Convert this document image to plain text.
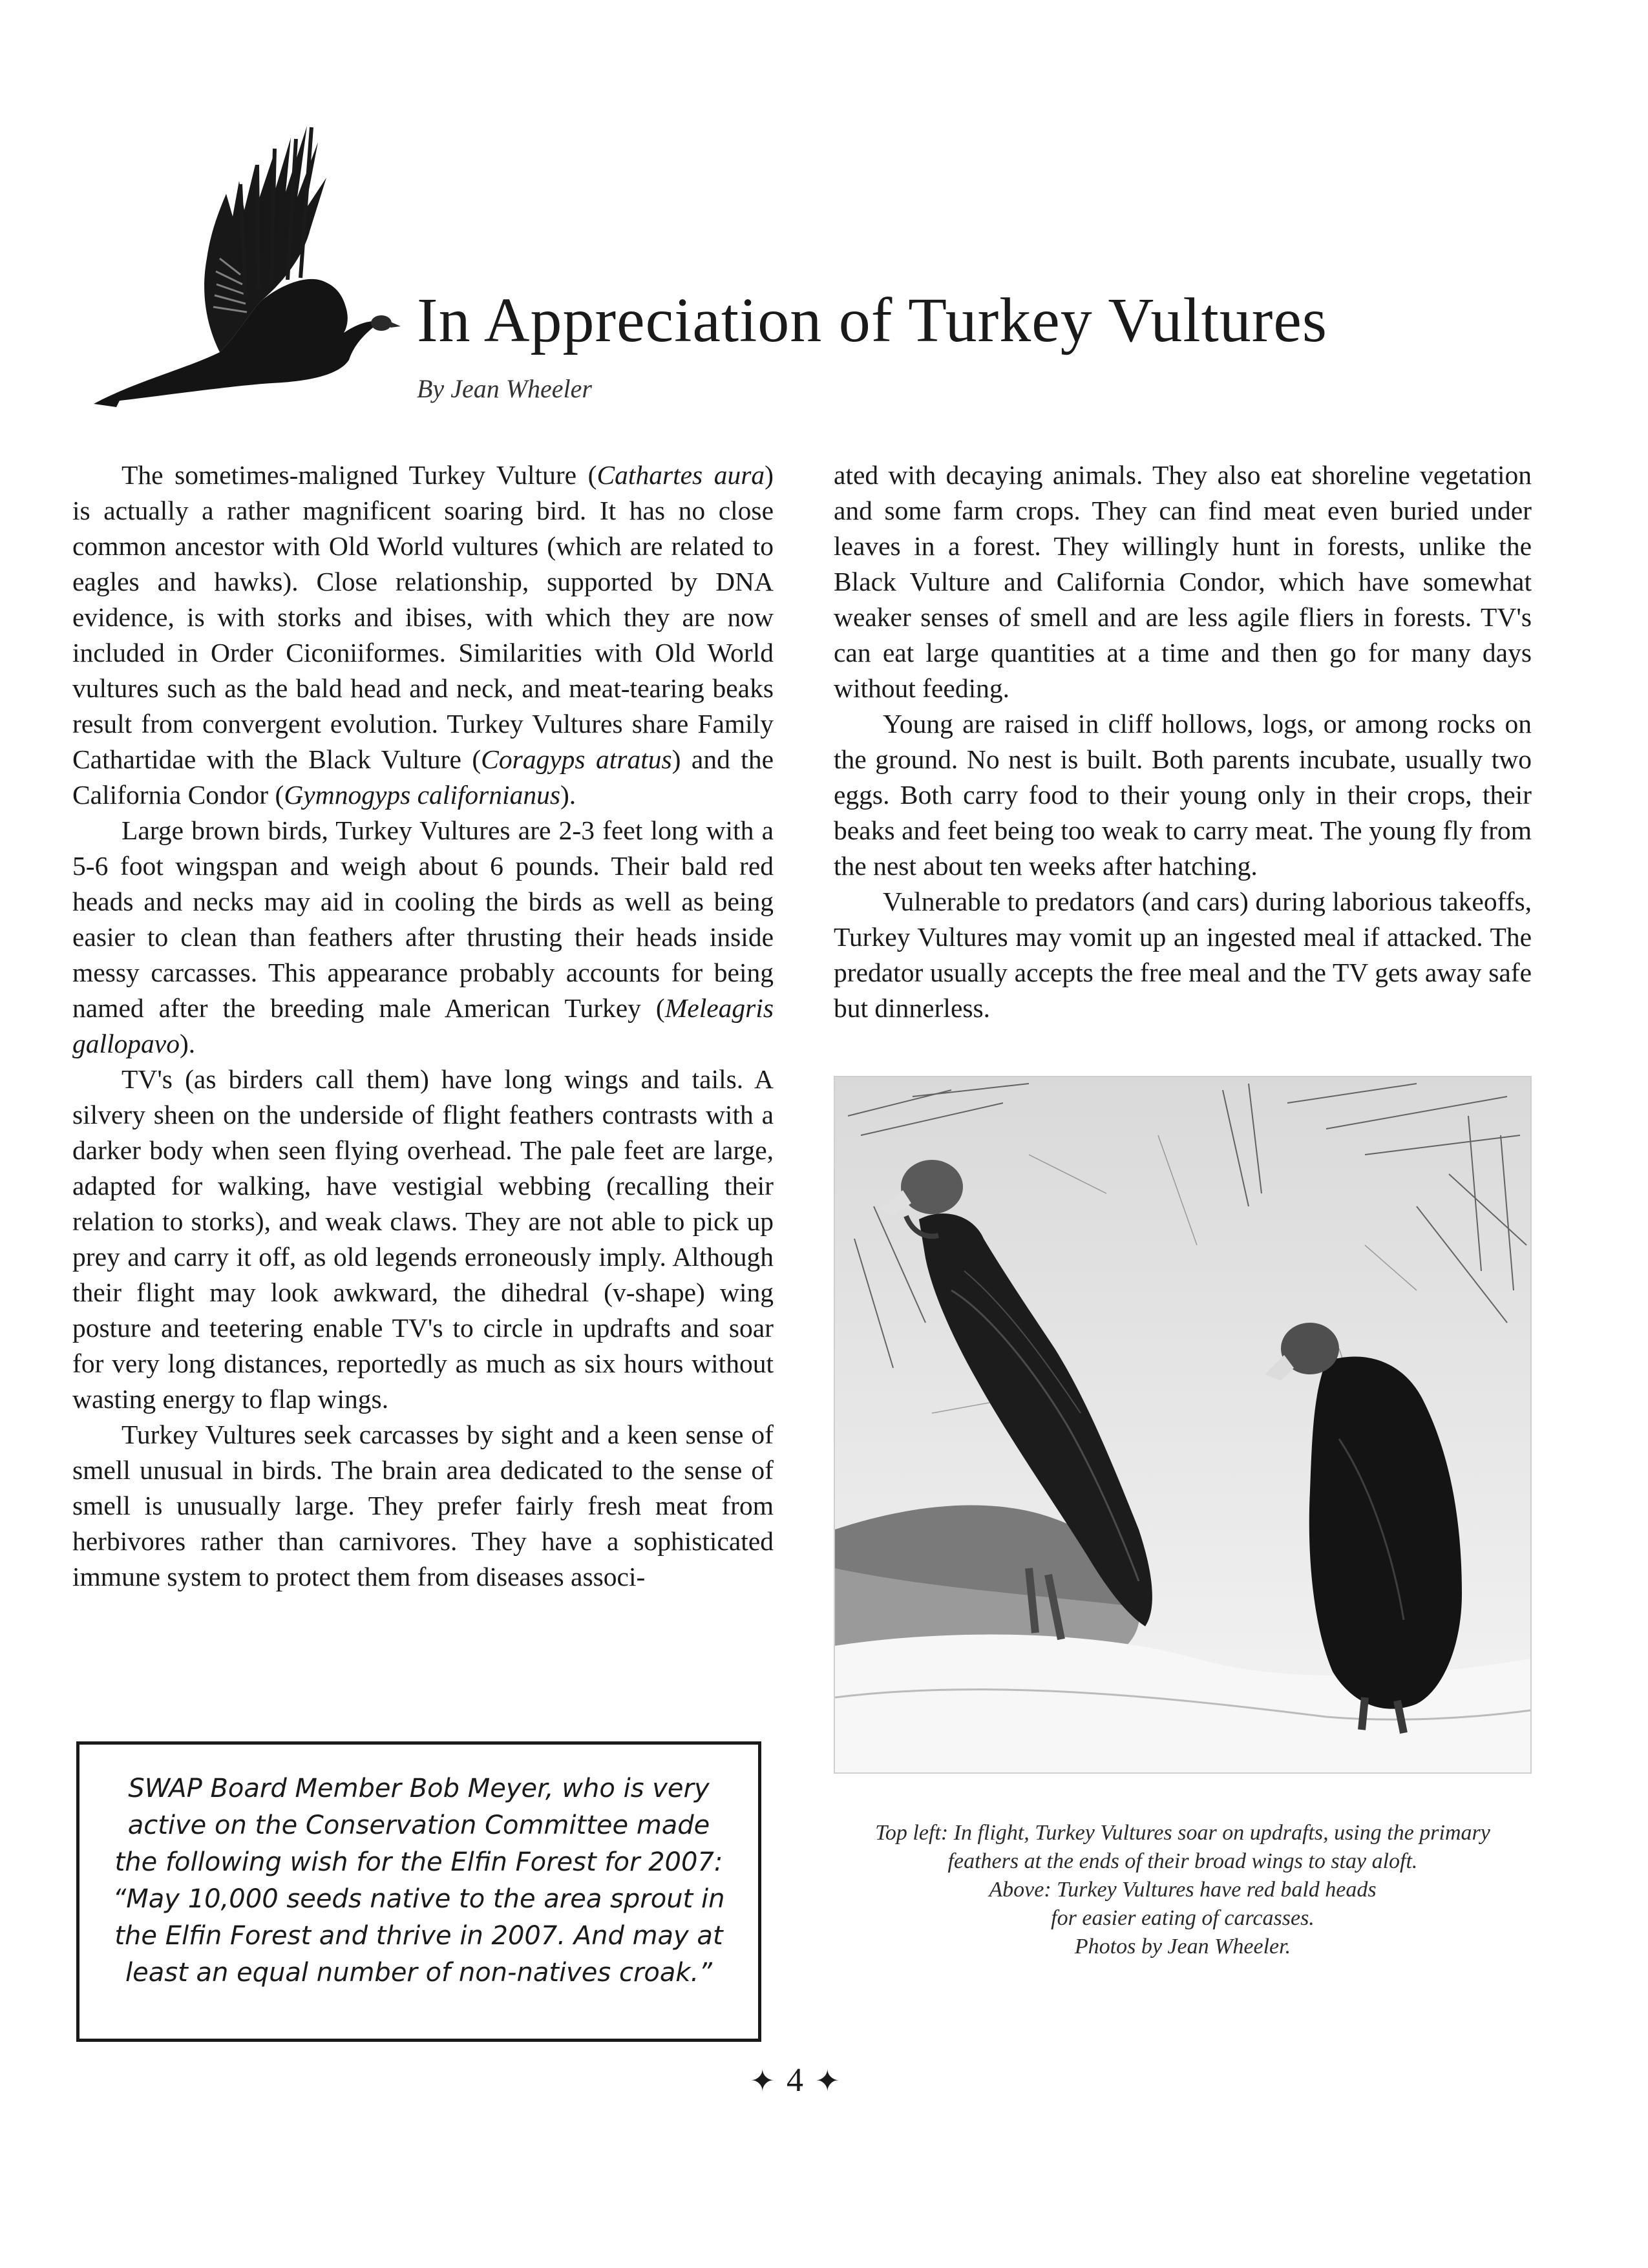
In Appreciation of Turkey Vultures
By Jean Wheeler

The sometimes-maligned Turkey Vulture (Cathartes aura) is actually a rather magnificent soaring bird. It has no close common ancestor with Old World vultures (which are related to eagles and hawks). Close relationship, supported by DNA evidence, is with storks and ibises, with which they are now included in Order Ciconiiformes. Similarities with Old World vultures such as the bald head and neck, and meat-tearing beaks result from convergent evolution. Turkey Vultures share Family Cathartidae with the Black Vulture (Coragyps atratus) and the California Condor (Gymnogyps californianus).

Large brown birds, Turkey Vultures are 2-3 feet long with a 5-6 foot wingspan and weigh about 6 pounds. Their bald red heads and necks may aid in cooling the birds as well as being easier to clean than feathers after thrusting their heads inside messy carcasses. This appearance probably accounts for being named after the breeding male American Turkey (Meleagris gallopavo).

TV's (as birders call them) have long wings and tails. A silvery sheen on the underside of flight feathers contrasts with a darker body when seen flying overhead. The pale feet are large, adapted for walking, have vestigial webbing (recalling their relation to storks), and weak claws. They are not able to pick up prey and carry it off, as old legends erroneously imply. Although their flight may look awkward, the dihedral (v-shape) wing posture and teetering enable TV's to circle in updrafts and soar for very long distances, reportedly as much as six hours without wasting energy to flap wings.

Turkey Vultures seek carcasses by sight and a keen sense of smell unusual in birds. The brain area dedicated to the sense of smell is unusually large. They prefer fairly fresh meat from herbivores rather than carnivores. They have a sophisticated immune system to protect them from diseases associ-

ated with decaying animals. They also eat shoreline vegetation and some farm crops. They can find meat even buried under leaves in a forest. They willingly hunt in forests, unlike the Black Vulture and California Condor, which have somewhat weaker senses of smell and are less agile fliers in forests. TV's can eat large quantities at a time and then go for many days without feeding.

Young are raised in cliff hollows, logs, or among rocks on the ground. No nest is built. Both parents incubate, usually two eggs. Both carry food to their young only in their crops, their beaks and feet being too weak to carry meat. The young fly from the nest about ten weeks after hatching.

Vulnerable to predators (and cars) during laborious takeoffs, Turkey Vultures may vomit up an ingested meal if attacked. The predator usually accepts the free meal and the TV gets away safe but dinnerless.

Top left: In flight, Turkey Vultures soar on updrafts, using the primary
feathers at the ends of their broad wings to stay aloft.
Above: Turkey Vultures have red bald heads
for easier eating of carcasses.
Photos by Jean Wheeler.

SWAP Board Member Bob Meyer, who is very active on the Conservation Committee made the following wish for the Elfin Forest for 2007:

“May 10,000 seeds native to the area sprout in the Elfin Forest and thrive in 2007. And may at least an equal number of non-natives croak.”

✦ 4 ✦
